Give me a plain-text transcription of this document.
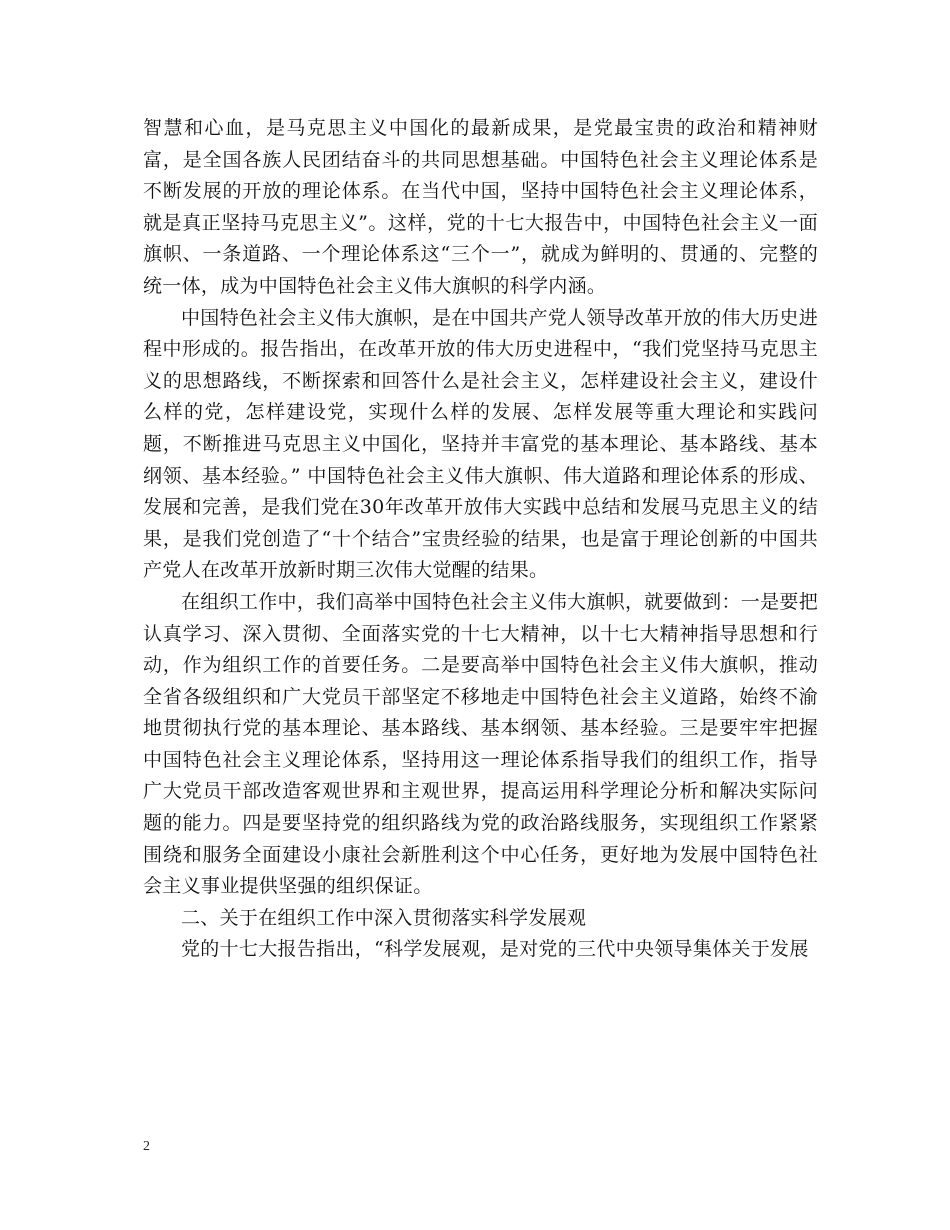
智慧和心血，是马克思主义中国化的最新成果，是党最宝贵的政治和精神财富，是全国各族人民团结奋斗的共同思想基础。中国特色社会主义理论体系是不断发展的开放的理论体系。在当代中国，坚持中国特色社会主义理论体系，就是真正坚持马克思主义”。这样，党的十七大报告中，中国特色社会主义一面旗帜、一条道路、一个理论体系这“三个一”，就成为鲜明的、贯通的、完整的统一体，成为中国特色社会主义伟大旗帜的科学内涵。

中国特色社会主义伟大旗帜，是在中国共产党人领导改革开放的伟大历史进程中形成的。报告指出，在改革开放的伟大历史进程中，“我们党坚持马克思主义的思想路线，不断探索和回答什么是社会主义，怎样建设社会主义，建设什么样的党，怎样建设党，实现什么样的发展、怎样发展等重大理论和实践问题，不断推进马克思主义中国化，坚持并丰富党的基本理论、基本路线、基本纲领、基本经验。” 中国特色社会主义伟大旗帜、伟大道路和理论体系的形成、发展和完善，是我们党在30年改革开放伟大实践中总结和发展马克思主义的结果，是我们党创造了“十个结合”宝贵经验的结果，也是富于理论创新的中国共产党人在改革开放新时期三次伟大觉醒的结果。

在组织工作中，我们高举中国特色社会主义伟大旗帜，就要做到：一是要把认真学习、深入贯彻、全面落实党的十七大精神，以十七大精神指导思想和行动，作为组织工作的首要任务。二是要高举中国特色社会主义伟大旗帜，推动全省各级组织和广大党员干部坚定不移地走中国特色社会主义道路，始终不渝地贯彻执行党的基本理论、基本路线、基本纲领、基本经验。三是要牢牢把握中国特色社会主义理论体系，坚持用这一理论体系指导我们的组织工作，指导广大党员干部改造客观世界和主观世界，提高运用科学理论分析和解决实际问题的能力。四是要坚持党的组织路线为党的政治路线服务，实现组织工作紧紧围绕和服务全面建设小康社会新胜利这个中心任务，更好地为发展中国特色社会主义事业提供坚强的组织保证。

二、关于在组织工作中深入贯彻落实科学发展观

党的十七大报告指出，“科学发展观，是对党的三代中央领导集体关于发展

2
